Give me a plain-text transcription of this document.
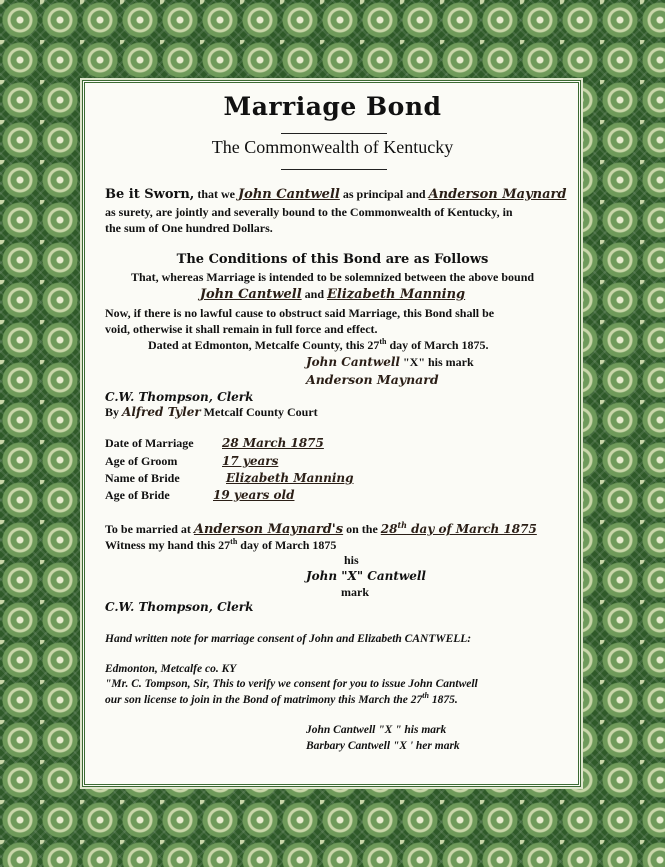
Marriage Bond
The Commonwealth of Kentucky
Be it Sworn, that we John Cantwell as principal and Anderson Maynard
as surety, are jointly and severally bound to the Commonwealth of Kentucky, in
the sum of One hundred Dollars.
The Conditions of this Bond are as Follows
That, whereas Marriage is intended to be solemnized between the above bound
John Cantwell and Elizabeth Manning
Now, if there is no lawful cause to obstruct said Marriage, this Bond shall be
void, otherwise it shall remain in full force and effect.
Dated at Edmonton, Metcalfe County, this 27th day of March 1875.
John Cantwell "X" his mark
Anderson Maynard
C.W. Thompson, Clerk
By Alfred Tyler Metcalf County Court
Date of Marriage 28 March 1875
Age of Groom	17 years
Name of Bride	Elizabeth Manning
Age of Bride	19 years old
To be married at Anderson Maynard's on the 28th day of March 1875
Witness my hand this 27th day of March 1875
his
John "X" Cantwell
mark
C.W. Thompson, Clerk
Hand written note for marriage consent of John and Elizabeth CANTWELL:
Edmonton, Metcalfe co. KY
"Mr. C. Tompson, Sir, This to verify we consent for you to issue John Cantwell
our son license to join in the Bond of matrimony this March the 27th 1875.
John Cantwell "X " his mark
Barbary Cantwell "X ' her mark
